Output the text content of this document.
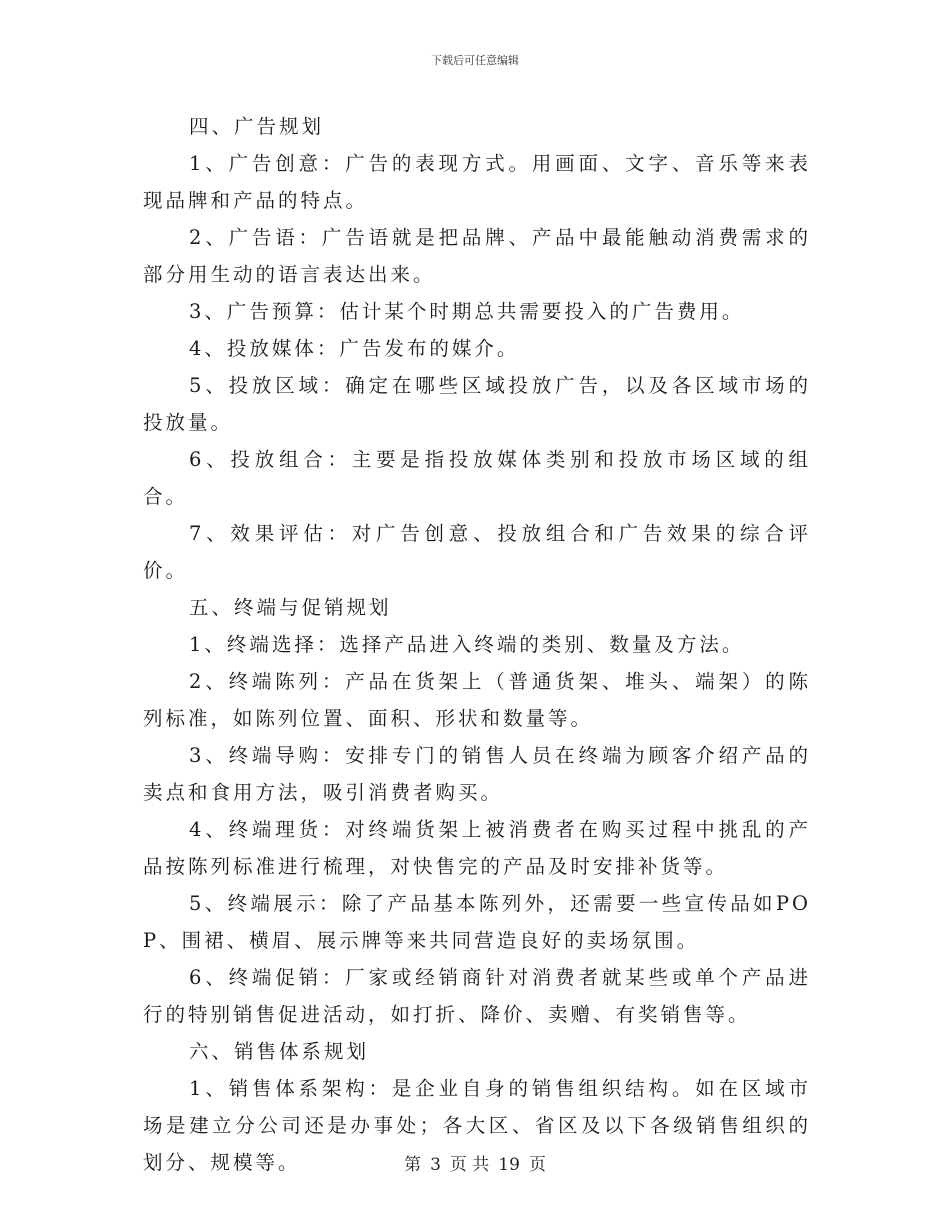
下载后可任意编辑

四、广告规划

1、广告创意：广告的表现方式。用画面、文字、音乐等来表现品牌和产品的特点。

2、广告语：广告语就是把品牌、产品中最能触动消费需求的部分用生动的语言表达出来。

3、广告预算：估计某个时期总共需要投入的广告费用。

4、投放媒体：广告发布的媒介。

5、投放区域：确定在哪些区域投放广告，以及各区域市场的投放量。

6、投放组合：主要是指投放媒体类别和投放市场区域的组合。

7、效果评估：对广告创意、投放组合和广告效果的综合评价。

五、终端与促销规划

1、终端选择：选择产品进入终端的类别、数量及方法。

2、终端陈列：产品在货架上（普通货架、堆头、端架）的陈列标准，如陈列位置、面积、形状和数量等。

3、终端导购：安排专门的销售人员在终端为顾客介绍产品的卖点和食用方法，吸引消费者购买。

4、终端理货：对终端货架上被消费者在购买过程中挑乱的产品按陈列标准进行梳理，对快售完的产品及时安排补货等。

5、终端展示：除了产品基本陈列外，还需要一些宣传品如POP、围裙、横眉、展示牌等来共同营造良好的卖场氛围。

6、终端促销：厂家或经销商针对消费者就某些或单个产品进行的特别销售促进活动，如打折、降价、卖赠、有奖销售等。

六、销售体系规划

1、销售体系架构：是企业自身的销售组织结构。如在区域市场是建立分公司还是办事处；各大区、省区及以下各级销售组织的划分、规模等。	第 3 页 共 19 页
